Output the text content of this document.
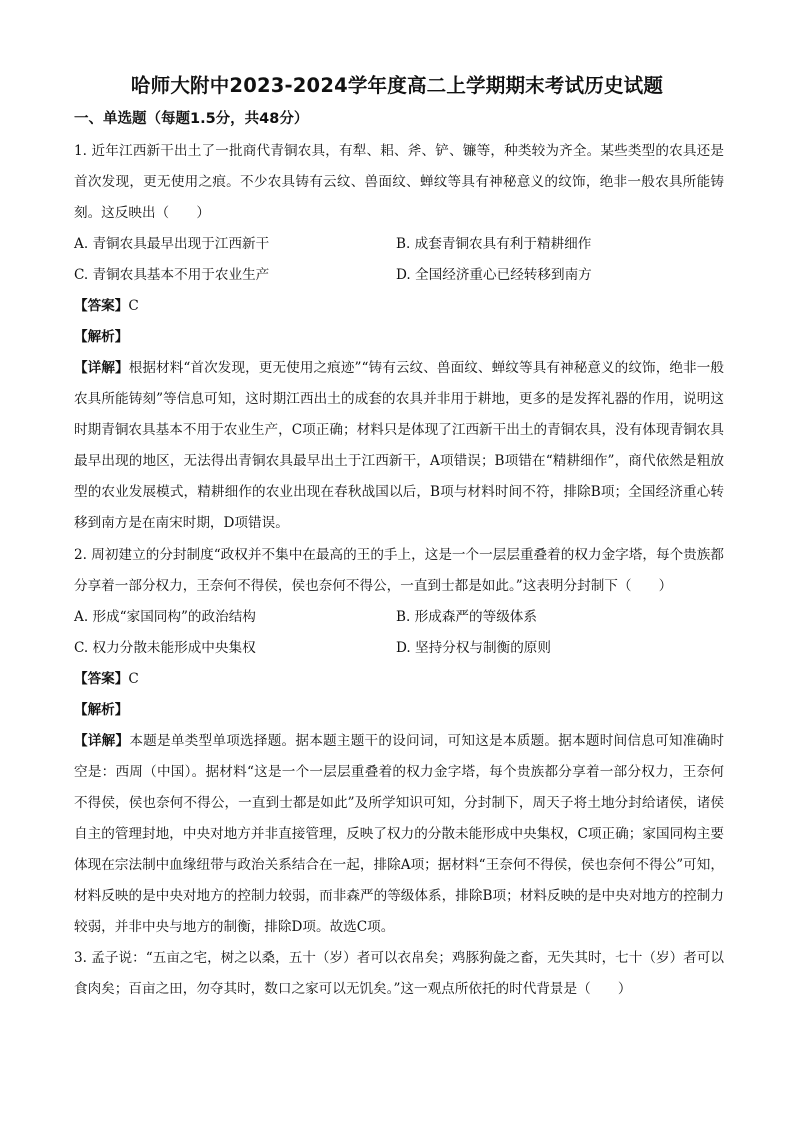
哈师大附中2023-2024学年度高二上学期期末考试历史试题
一、单选题（每题1.5分，共48分）
1. 近年江西新干出土了一批商代青铜农具，有犁、耜、斧、铲、镰等，种类较为齐全。某些类型的农具还是首次发现，更无使用之痕。不少农具铸有云纹、兽面纹、蝉纹等具有神秘意义的纹饰，绝非一般农具所能铸刻。这反映出（　　）
A. 青铜农具最早出现于江西新干	B. 成套青铜农具有利于精耕细作
C. 青铜农具基本不用于农业生产	D. 全国经济重心已经转移到南方
【答案】C
【解析】
【详解】根据材料“首次发现，更无使用之痕迹”“铸有云纹、兽面纹、蝉纹等具有神秘意义的纹饰，绝非一般农具所能铸刻”等信息可知，这时期江西出土的成套的农具并非用于耕地，更多的是发挥礼器的作用，说明这时期青铜农具基本不用于农业生产，C项正确；材料只是体现了江西新干出土的青铜农具，没有体现青铜农具最早出现的地区，无法得出青铜农具最早出土于江西新干，A项错误；B项错在“精耕细作”，商代依然是粗放型的农业发展模式，精耕细作的农业出现在春秋战国以后，B项与材料时间不符，排除B项；全国经济重心转移到南方是在南宋时期，D项错误。
2. 周初建立的分封制度“政权并不集中在最高的王的手上，这是一个一层层重叠着的权力金字塔，每个贵族都分享着一部分权力，王奈何不得侯，侯也奈何不得公，一直到士都是如此。”这表明分封制下（　　）
A. 形成“家国同构”的政治结构	B. 形成森严的等级体系
C. 权力分散未能形成中央集权	D. 坚持分权与制衡的原则
【答案】C
【解析】
【详解】本题是单类型单项选择题。据本题主题干的设问词，可知这是本质题。据本题时间信息可知准确时空是：西周（中国）。据材料“这是一个一层层重叠着的权力金字塔，每个贵族都分享着一部分权力，王奈何不得侯，侯也奈何不得公，一直到士都是如此”及所学知识可知，分封制下，周天子将土地分封给诸侯，诸侯自主的管理封地，中央对地方并非直接管理，反映了权力的分散未能形成中央集权，C项正确；家国同构主要体现在宗法制中血缘纽带与政治关系结合在一起，排除A项；据材料“王奈何不得侯，侯也奈何不得公”可知，材料反映的是中央对地方的控制力较弱，而非森严的等级体系，排除B项；材料反映的是中央对地方的控制力较弱，并非中央与地方的制衡，排除D项。故选C项。
3. 孟子说：“五亩之宅，树之以桑，五十（岁）者可以衣帛矣；鸡豚狗彘之畜，无失其时，七十（岁）者可以食肉矣；百亩之田，勿夺其时，数口之家可以无饥矣。”这一观点所依托的时代背景是（　　）
